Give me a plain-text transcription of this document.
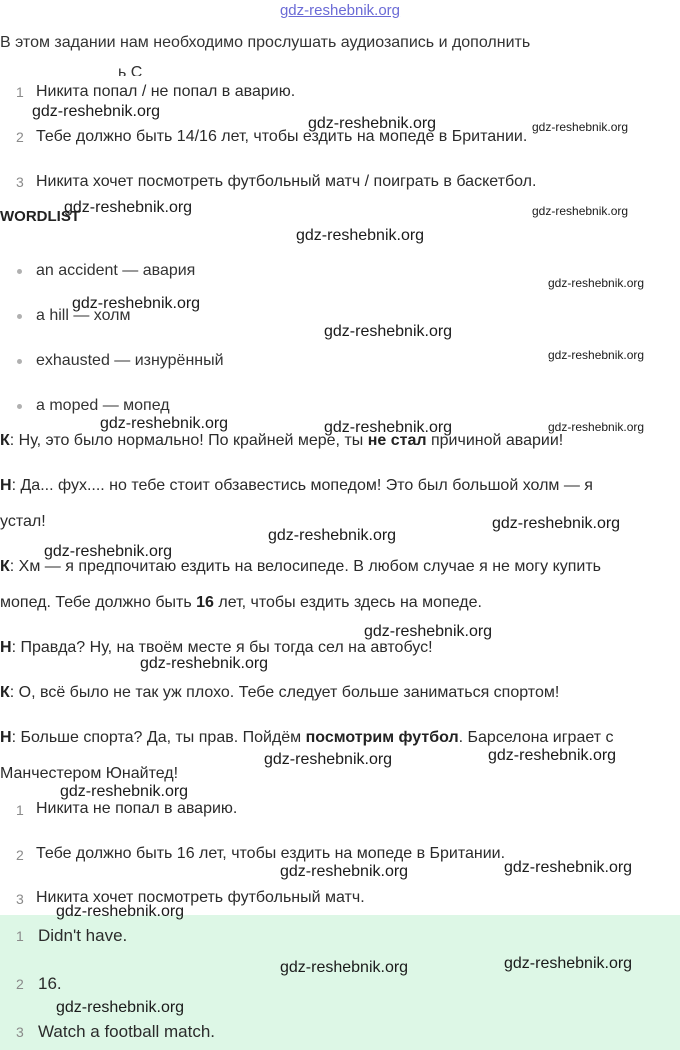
gdz-reshebnik.org
В этом задании нам необходимо прослушать аудиозапись и дополнить
ь С
1 Никита попал / не попал в аварию.
2 Тебе должно быть 14/16 лет, чтобы ездить на мопеде в Британии.
3 Никита хочет посмотреть футбольный матч / поиграть в баскетбол.
WORDLIST
an accident — авария
a hill — холм
exhausted — изнурённый
a moped — мопед
К: Ну, это было нормально! По крайней мере, ты не стал причиной аварии!
Н: Да... фух.... но тебе стоит обзавестись мопедом! Это был большой холм — я
устал!
К: Хм — я предпочитаю ездить на велосипеде. В любом случае я не могу купить
мопед. Тебе должно быть 16 лет, чтобы ездить здесь на мопеде.
Н: Правда? Ну, на твоём месте я бы тогда сел на автобус!
К: О, всё было не так уж плохо. Тебе следует больше заниматься спортом!
Н: Больше спорта? Да, ты прав. Пойдём посмотрим футбол. Барселона играет с
Манчестером Юнайтед!
1 Никита не попал в аварию.
2 Тебе должно быть 16 лет, чтобы ездить на мопеде в Британии.
3 Никита хочет посмотреть футбольный матч.
1 Didn't have.
2 16.
3 Watch a football match.
gdz-reshebnik.org
gdz-reshebnik.org	gdz-reshebnik.org
gdz-reshebnik.org	gdz-reshebnik.org
gdz-reshebnik.org
gdz-reshebnik.org
gdz-reshebnik.org
gdz-reshebnik.org
gdz-reshebnik.org
gdz-reshebnik.org	gdz-reshebnik.org	gdz-reshebnik.org
gdz-reshebnik.org
gdz-reshebnik.org
gdz-reshebnik.org
gdz-reshebnik.org
gdz-reshebnik.org
gdz-reshebnik.org
gdz-reshebnik.org
gdz-reshebnik.org
gdz-reshebnik.org
gdz-reshebnik.org
gdz-reshebnik.org
gdz-reshebnik.org
gdz-reshebnik.org
gdz-reshebnik.org
